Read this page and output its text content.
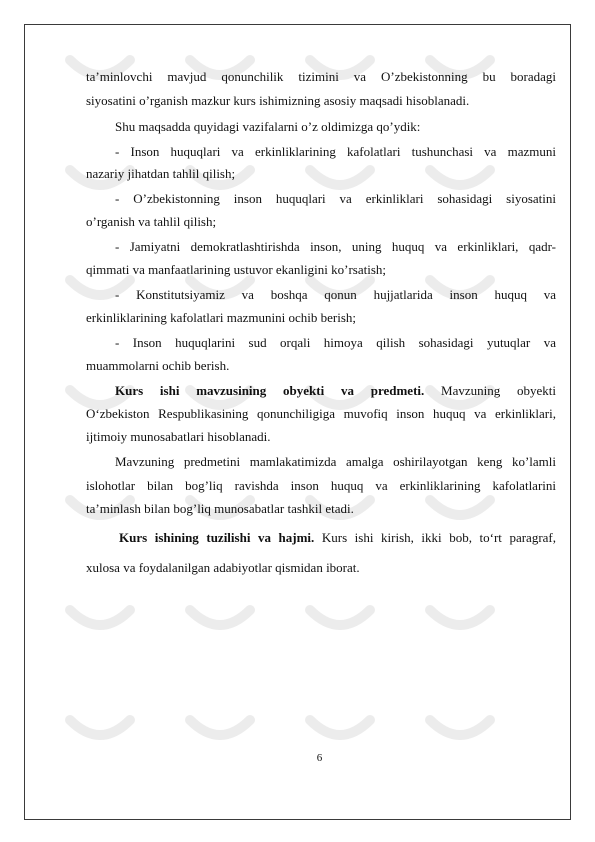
ta’minlovchi mavjud qonunchilik tizimini va O’zbekistonning bu boradagi
siyosatini o’rganish mazkur kurs ishimizning asosiy maqsadi hisoblanadi.
Shu maqsadda quyidagi vazifalarni o’z oldimizga qo’ydik:
- Inson huquqlari va erkinliklarining kafolatlari tushunchasi va mazmuni
nazariy jihatdan tahlil qilish;
- O’zbekistonning inson huquqlari va erkinliklari sohasidagi siyosatini
o’rganish va tahlil qilish;
- Jamiyatni demokratlashtirishda inson, uning huquq va erkinliklari, qadr-
qimmati va manfaatlarining ustuvor ekanligini ko’rsatish;
- Konstitutsiyamiz va boshqa qonun hujjatlarida inson huquq va
erkinliklarining kafolatlari mazmunini ochib berish;
- Inson huquqlarini sud orqali himoya qilish sohasidagi yutuqlar va
muammolarni ochib berish.
Kurs ishi mavzusining obyekti va predmeti. Mavzuning obyekti
O‘zbekiston Respublikasining qonunchiligiga muvofiq inson huquq va erkinliklari,
ijtimoiy munosabatlari hisoblanadi.
Mavzuning predmetini mamlakatimizda amalga oshirilayotgan keng ko’lamli
islohotlar bilan bog’liq ravishda inson huquq va erkinliklarining kafolatlarini
ta’minlash bilan bog’liq munosabatlar tashkil etadi.
Kurs ishining tuzilishi va hajmi. Kurs ishi kirish, ikki bob, to‘rt paragraf,
xulosa va foydalanilgan adabiyotlar qismidan iborat.
6
